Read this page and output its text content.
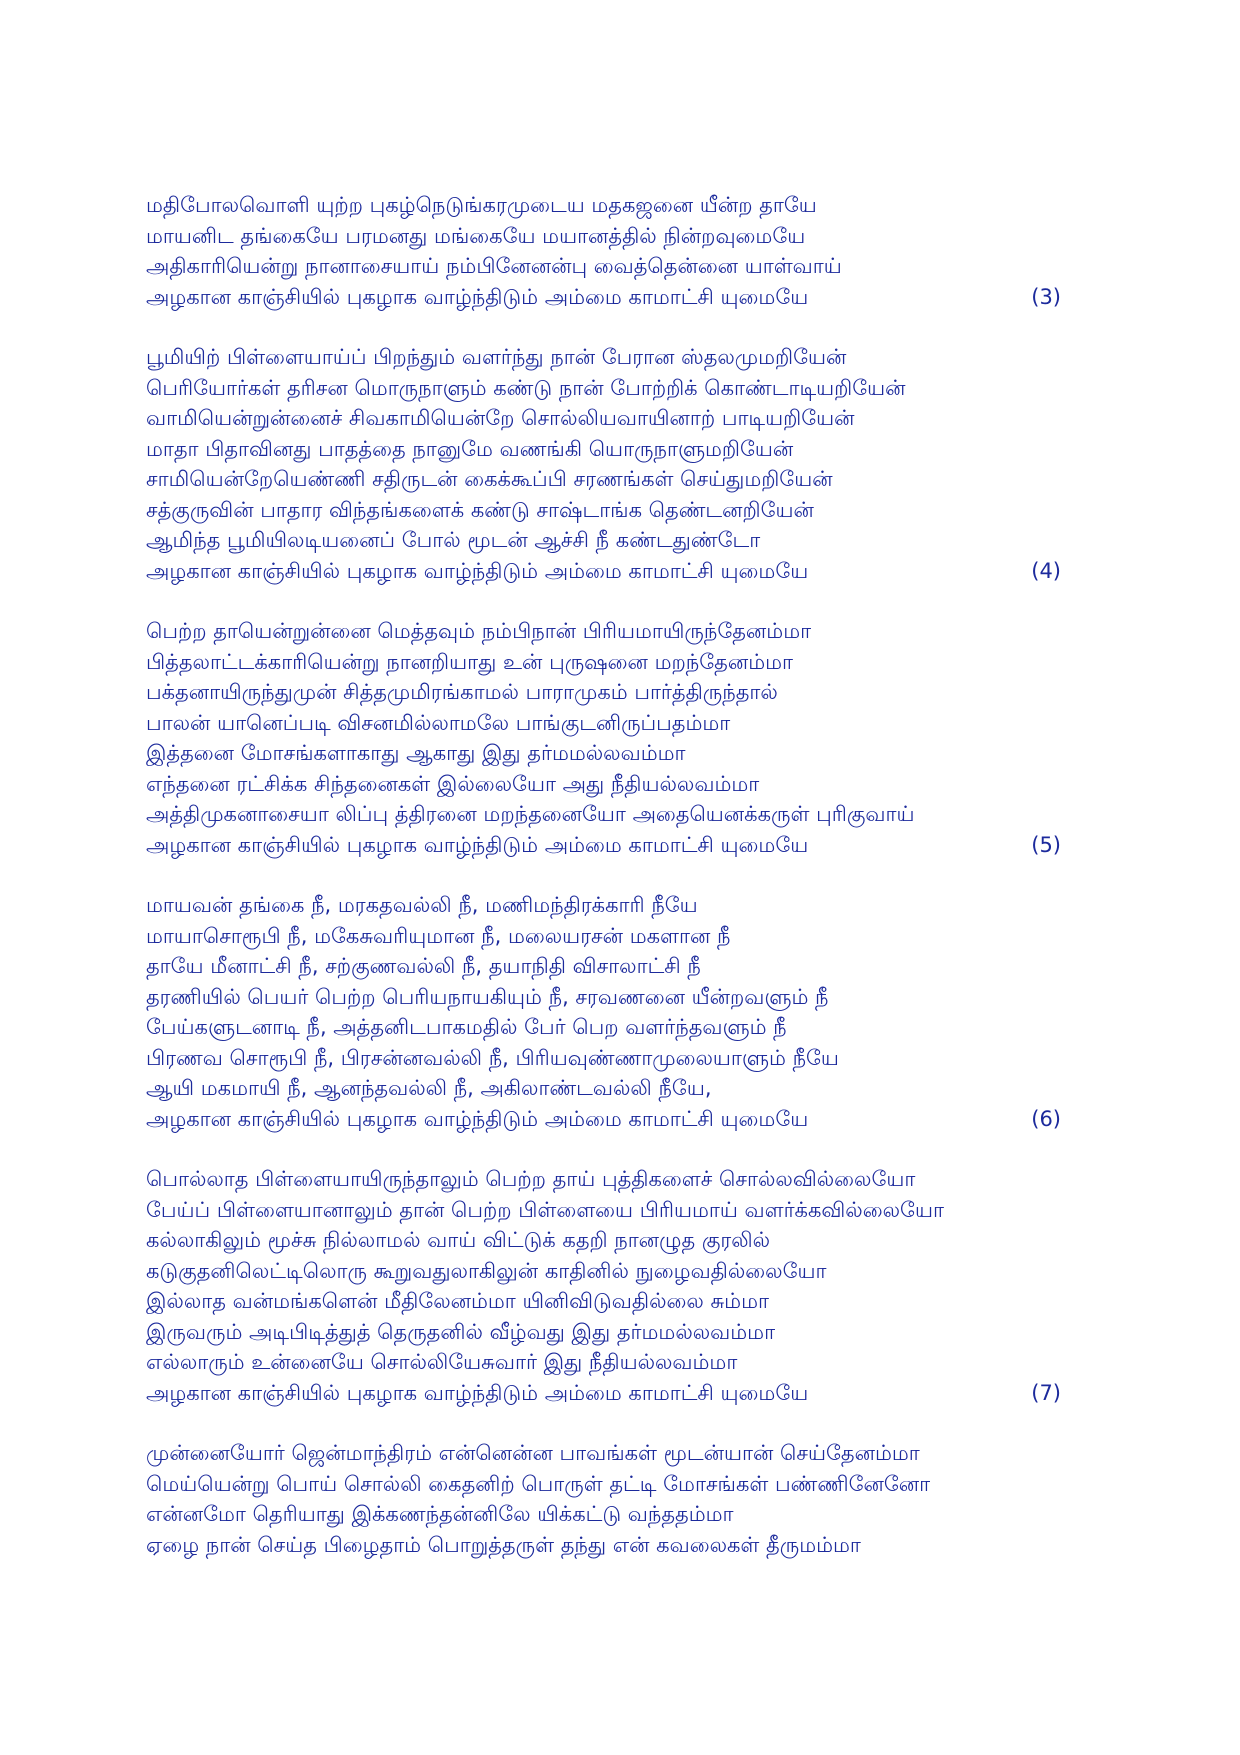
மதிபோலவொளி யுற்ற புகழ்நெடுங்கரமுடைய மதகஜனை யீன்ற தாயே
மாயனிட தங்கையே பரமனது மங்கையே மயானத்தில் நின்றவுமையே
அதிகாரியென்று நானாசையாய் நம்பினேனன்பு வைத்தென்னை யாள்வாய்
அழகான காஞ்சியில் புகழாக வாழ்ந்திடும் அம்மை காமாட்சி யுமையே	(3)
பூமியிற் பிள்ளையாய்ப் பிறந்தும் வளர்ந்து நான் பேரான ஸ்தலமுமறியேன்
பெரியோர்கள் தரிசன மொருநாளும் கண்டு நான் போற்றிக் கொண்டாடியறியேன்
வாமியென்றுன்னைச் சிவகாமியென்றே சொல்லியவாயினாற் பாடியறியேன்
மாதா பிதாவினது பாதத்தை நானுமே வணங்கி யொருநாளுமறியேன்
சாமியென்றேயெண்ணி சதிருடன் கைக்கூப்பி சரணங்கள் செய்துமறியேன்
சத்குருவின் பாதார விந்தங்களைக் கண்டு சாஷ்டாங்க தெண்டனறியேன்
ஆமிந்த பூமியிலடியனைப் போல் மூடன் ஆச்சி நீ கண்டதுண்டோ
அழகான காஞ்சியில் புகழாக வாழ்ந்திடும் அம்மை காமாட்சி யுமையே	(4)
பெற்ற தாயென்றுன்னை மெத்தவும் நம்பிநான் பிரியமாயிருந்தேனம்மா
பித்தலாட்டக்காரியென்று நானறியாது உன் புருஷனை மறந்தேனம்மா
பக்தனாயிருந்துமுன் சித்தமுமிரங்காமல் பாராமுகம் பார்த்திருந்தால்
பாலன் யானெப்படி விசனமில்லாமலே பாங்குடனிருப்பதம்மா
இத்தனை மோசங்களாகாது ஆகாது இது தர்மமல்லவம்மா
எந்தனை ரட்சிக்க சிந்தனைகள் இல்லையோ அது நீதியல்லவம்மா
அத்திமுகனாசையா லிப்பு த்திரனை மறந்தனையோ அதையெனக்கருள் புரிகுவாய்
அழகான காஞ்சியில் புகழாக வாழ்ந்திடும் அம்மை காமாட்சி யுமையே	(5)
மாயவன் தங்கை நீ, மரகதவல்லி நீ, மணிமந்திரக்காரி நீயே
மாயாசொரூபி நீ, மகேசுவரியுமான நீ, மலையரசன் மகளான நீ
தாயே மீனாட்சி நீ, சற்குணவல்லி நீ, தயாநிதி விசாலாட்சி நீ
தரணியில் பெயர் பெற்ற பெரியநாயகியும் நீ, சரவணனை யீன்றவளும் நீ
பேய்களுடனாடி நீ, அத்தனிடபாகமதில் பேர் பெற வளர்ந்தவளும் நீ
பிரணவ சொரூபி நீ, பிரசன்னவல்லி நீ, பிரியவுண்ணாமுலையாளும் நீயே
ஆயி மகமாயி நீ, ஆனந்தவல்லி நீ, அகிலாண்டவல்லி நீயே,
அழகான காஞ்சியில் புகழாக வாழ்ந்திடும் அம்மை காமாட்சி யுமையே	(6)
பொல்லாத பிள்ளையாயிருந்தாலும் பெற்ற தாய் புத்திகளைச் சொல்லவில்லையோ
பேய்ப் பிள்ளையானாலும் தான் பெற்ற பிள்ளையை பிரியமாய் வளர்க்கவில்லையோ
கல்லாகிலும் மூச்சு நில்லாமல் வாய் விட்டுக் கதறி நானழுத குரலில்
கடுகுதனிலெட்டிலொரு கூறுவதுலாகிலுன் காதினில் நுழைவதில்லையோ
இல்லாத வன்மங்களென் மீதிலேனம்மா யினிவிடுவதில்லை சும்மா
இருவரும் அடிபிடித்துத் தெருதனில் வீழ்வது இது தர்மமல்லவம்மா
எல்லாரும் உன்னையே சொல்லியேசுவார் இது நீதியல்லவம்மா
அழகான காஞ்சியில் புகழாக வாழ்ந்திடும் அம்மை காமாட்சி யுமையே	(7)
முன்னையோர் ஜென்மாந்திரம் என்னென்ன பாவங்கள் மூடன்யான் செய்தேனம்மா
மெய்யென்று பொய் சொல்லி கைதனிற் பொருள் தட்டி மோசங்கள் பண்ணினேனோ
என்னமோ தெரியாது இக்கணந்தன்னிலே யிக்கட்டு வந்ததம்மா
ஏழை நான் செய்த பிழைதாம் பொறுத்தருள் தந்து என் கவலைகள் தீருமம்மா
